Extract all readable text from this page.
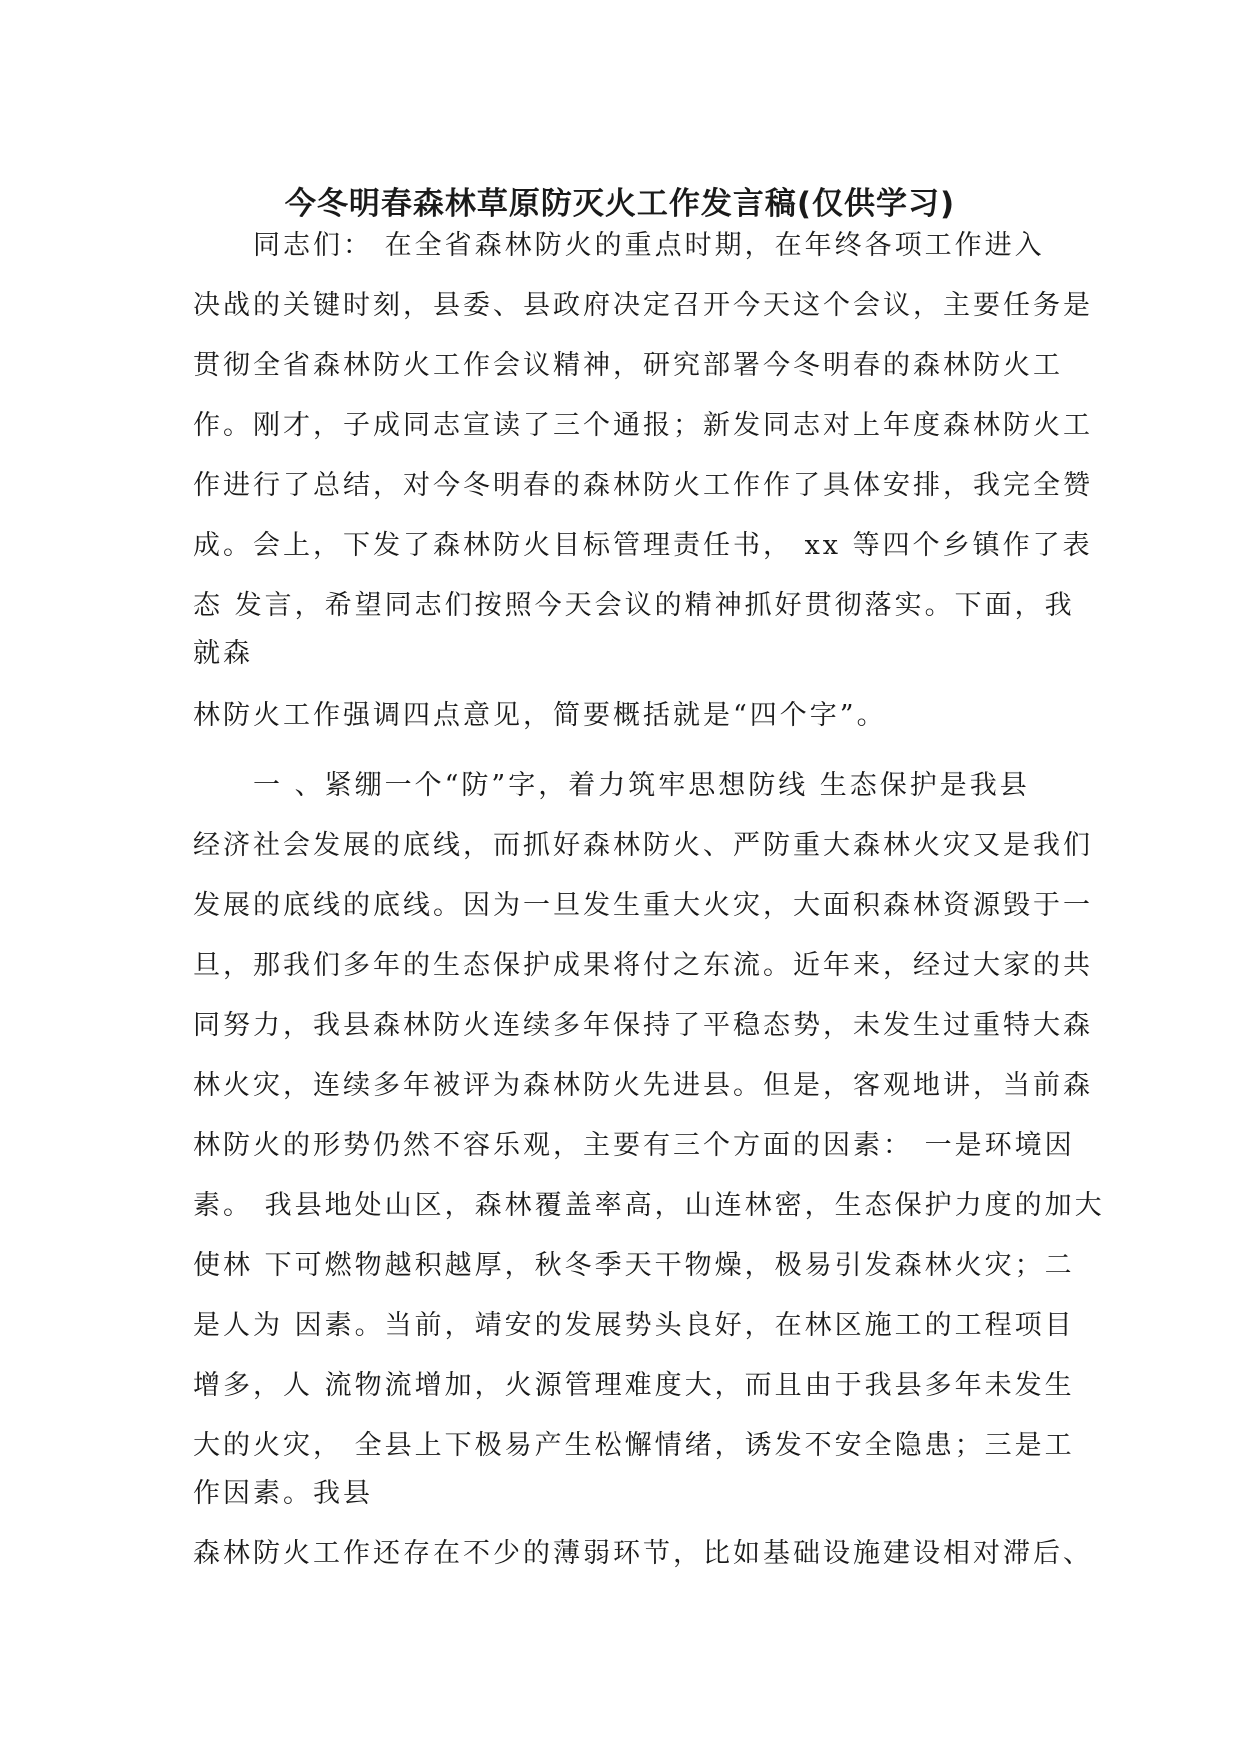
今冬明春森林草原防灭火工作发言稿(仅供学习)

同志们： 在全省森林防火的重点时期，在年终各项工作进入

决战的关键时刻，县委、县政府决定召开今天这个会议，主要任务是

贯彻全省森林防火工作会议精神，研究部署今冬明春的森林防火工

作。刚才，子成同志宣读了三个通报；新发同志对上年度森林防火工

作进行了总结，对今冬明春的森林防火工作作了具体安排，我完全赞

成。会上，下发了森林防火目标管理责任书， xx 等四个乡镇作了表

态 发言，希望同志们按照今天会议的精神抓好贯彻落实。下面，我

就森

林防火工作强调四点意见，简要概括就是“四个字”。

一 、紧绷一个“防”字，着力筑牢思想防线 生态保护是我县

经济社会发展的底线，而抓好森林防火、严防重大森林火灾又是我们

发展的底线的底线。因为一旦发生重大火灾，大面积森林资源毁于一

旦，那我们多年的生态保护成果将付之东流。近年来，经过大家的共

同努力，我县森林防火连续多年保持了平稳态势，未发生过重特大森

林火灾，连续多年被评为森林防火先进县。但是，客观地讲，当前森

林防火的形势仍然不容乐观，主要有三个方面的因素： 一是环境因

素。 我县地处山区，森林覆盖率高，山连林密，生态保护力度的加大

使林 下可燃物越积越厚，秋冬季天干物燥，极易引发森林火灾；二

是人为 因素。当前，靖安的发展势头良好，在林区施工的工程项目

增多，人 流物流增加，火源管理难度大，而且由于我县多年未发生

大的火灾， 全县上下极易产生松懈情绪，诱发不安全隐患；三是工

作因素。我县

森林防火工作还存在不少的薄弱环节，比如基础设施建设相对滞后、
